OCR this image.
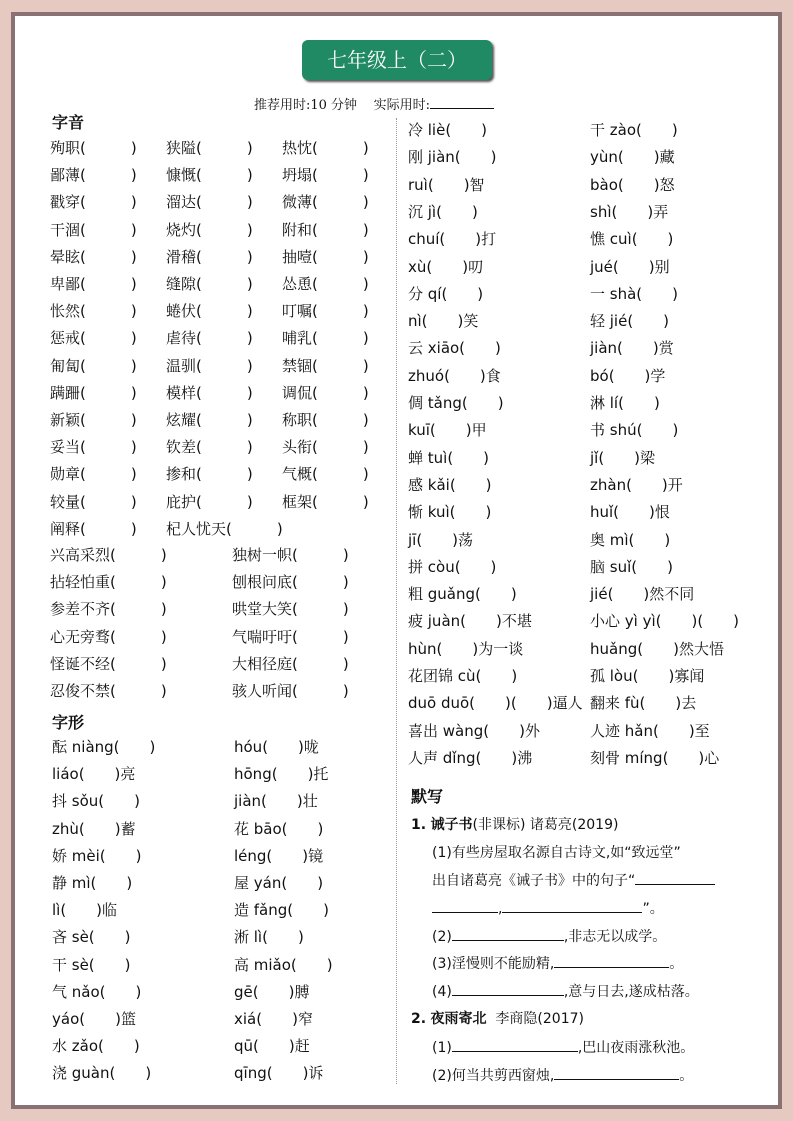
七年级上（二）
推荐用时:10 分钟 实际用时:
字音
字形
默写
殉职(　　　) 狭隘(　　　) 热忱(　　　)
鄙薄(　　　) 慷慨(　　　) 坍塌(　　　)
戳穿(　　　) 溜达(　　　) 微薄(　　　)
干涸(　　　) 烧灼(　　　) 附和(　　　)
晕眩(　　　) 滑稽(　　　) 抽噎(　　　)
卑鄙(　　　) 缝隙(　　　) 怂恿(　　　)
怅然(　　　) 蜷伏(　　　) 叮嘱(　　　)
惩戒(　　　) 虐待(　　　) 哺乳(　　　)
匍匐(　　　) 温驯(　　　) 禁锢(　　　)
蹒跚(　　　) 模样(　　　) 调侃(　　　)
新颖(　　　) 炫耀(　　　) 称职(　　　)
妥当(　　　) 钦差(　　　) 头衔(　　　)
勋章(　　　) 掺和(　　　) 气概(　　　)
较量(　　　) 庇护(　　　) 框架(　　　)
阐释(　　　) 杞人忧天(　　　)
兴高采烈(　　　)	独树一帜(　　　)
拈轻怕重(　　　)	刨根问底(　　　)
参差不齐(　　　)	哄堂大笑(　　　)
心无旁骛(　　　)	气喘吁吁(　　　)
怪诞不经(　　　)	大相径庭(　　　)
忍俊不禁(　　　)	骇人听闻(　　　)
酝 niàng(　　)	hóu(　　)咙
liáo(　　)亮	hōng(　　)托
抖 sǒu(　　)	jiàn(　　)壮
zhù(　　)蓄	花 bāo(　　)
娇 mèi(　　)	léng(　　)镜
静 mì(　　)	屋 yán(　　)
lì(　　)临	造 fǎng(　　)
吝 sè(　　)	淅 lì(　　)
干 sè(　　)	高 miǎo(　　)
气 nǎo(　　)	gē(　　)膊
yáo(　　)篮	xiá(　　)窄
水 zǎo(　　)	qū(　　)赶
浇 guàn(　　)	qīng(　　)诉
冷 liè(　　)	干 zào(　　)
刚 jiàn(　　)	yùn(　　)藏
ruì(　　)智	bào(　　)怒
沉 jì(　　)	shì(　　)弄
chuí(　　)打	憔 cuì(　　)
xù(　　)叨	jué(　　)别
分 qí(　　)	一 shà(　　)
nì(　　)笑	轻 jié(　　)
云 xiāo(　　)	jiàn(　　)赏
zhuó(　　)食	bó(　　)学
倜 tǎng(　　)	淋 lí(　　)
kuī(　　)甲	书 shú(　　)
蝉 tuì(　　)	jǐ(　　)梁
感 kǎi(　　)	zhàn(　　)开
惭 kuì(　　)	huǐ(　　)恨
jī(　　)荡	奥 mì(　　)
拼 còu(　　)	脑 suǐ(　　)
粗 guǎng(　　)	jié(　　)然不同
疲 juàn(　　)不堪	小心 yì yì(　　)(　　)
hùn(　　)为一谈	huǎng(　　)然大悟
花团锦 cù(　　)	孤 lòu(　　)寡闻
duō duō(　　)(　　)逼人 翻来 fù(　　)去
喜出 wàng(　　)外	人迹 hǎn(　　)至
人声 dǐng(　　)沸	刻骨 míng(　　)心
1. 诫子书(非课标) 诸葛亮(2019)
(1)有些房屋取名源自古诗文,如“致远堂”
出自诸葛亮《诫子书》中的句子“
,	”。
(2)	,非志无以成学。
(3)淫慢则不能励精,	。
(4)	,意与日去,遂成枯落。
2. 夜雨寄北 李商隐(2017)
(1)	,巴山夜雨涨秋池。
(2)何当共剪西窗烛,	。
